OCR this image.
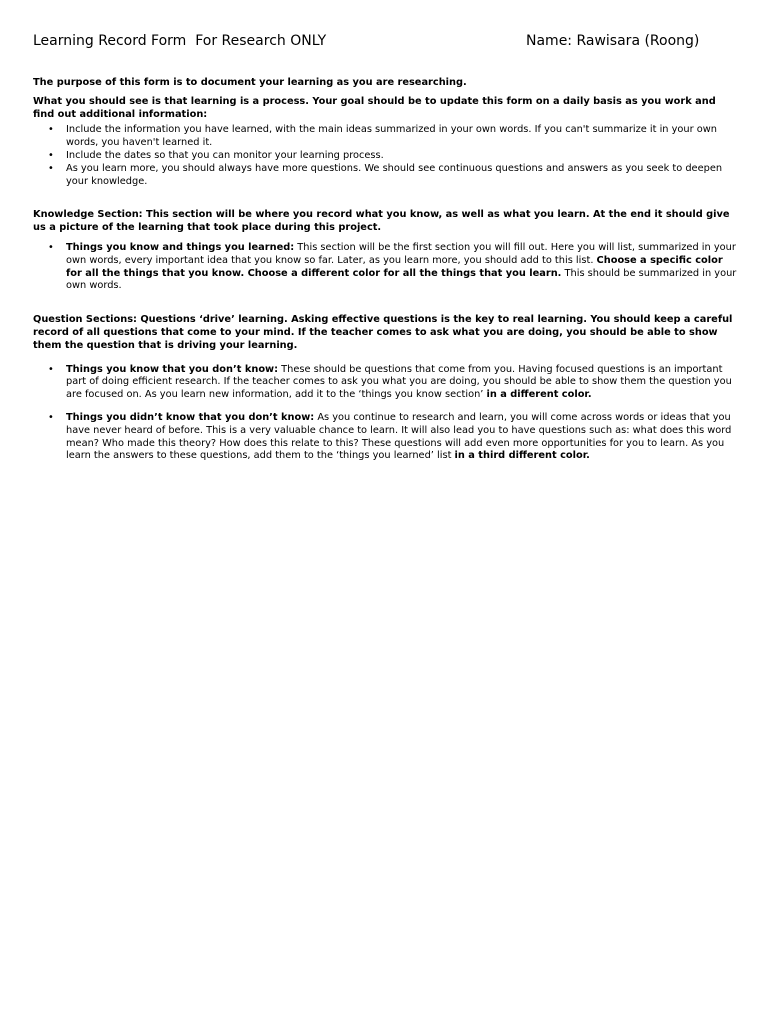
Learning Record Form  For Research ONLY

	Name: Rawisara (Roong)

The purpose of this form is to document your learning as you are researching.

What you should see is that learning is a process. Your goal should be to update this form on a daily basis as you work and find out additional information:

• Include the information you have learned, with the main ideas summarized in your own words. If you can't summarize it in your own words, you haven't learned it.
• Include the dates so that you can monitor your learning process.
• As you learn more, you should always have more questions. We should see continuous questions and answers as you seek to deepen your knowledge.

Knowledge Section: This section will be where you record what you know, as well as what you learn. At the end it should give us a picture of the learning that took place during this project.

• Things you know and things you learned: This section will be the first section you will fill out. Here you will list, summarized in your own words, every important idea that you know so far. Later, as you learn more, you should add to this list. Choose a specific color for all the things that you know. Choose a different color for all the things that you learn. This should be summarized in your own words.

Question Sections: Questions ‘drive’ learning. Asking effective questions is the key to real learning. You should keep a careful record of all questions that come to your mind. If the teacher comes to ask what you are doing, you should be able to show them the question that is driving your learning.

• Things you know that you don’t know: These should be questions that come from you. Having focused questions is an important part of doing efficient research. If the teacher comes to ask you what you are doing, you should be able to show them the question you are focused on. As you learn new information, add it to the ‘things you know section’ in a different color.
• Things you didn’t know that you don’t know: As you continue to research and learn, you will come across words or ideas that you have never heard of before. This is a very valuable chance to learn. It will also lead you to have questions such as: what does this word mean? Who made this theory? How does this relate to this? These questions will add even more opportunities for you to learn. As you learn the answers to these questions, add them to the ‘things you learned’ list in a third different color.
